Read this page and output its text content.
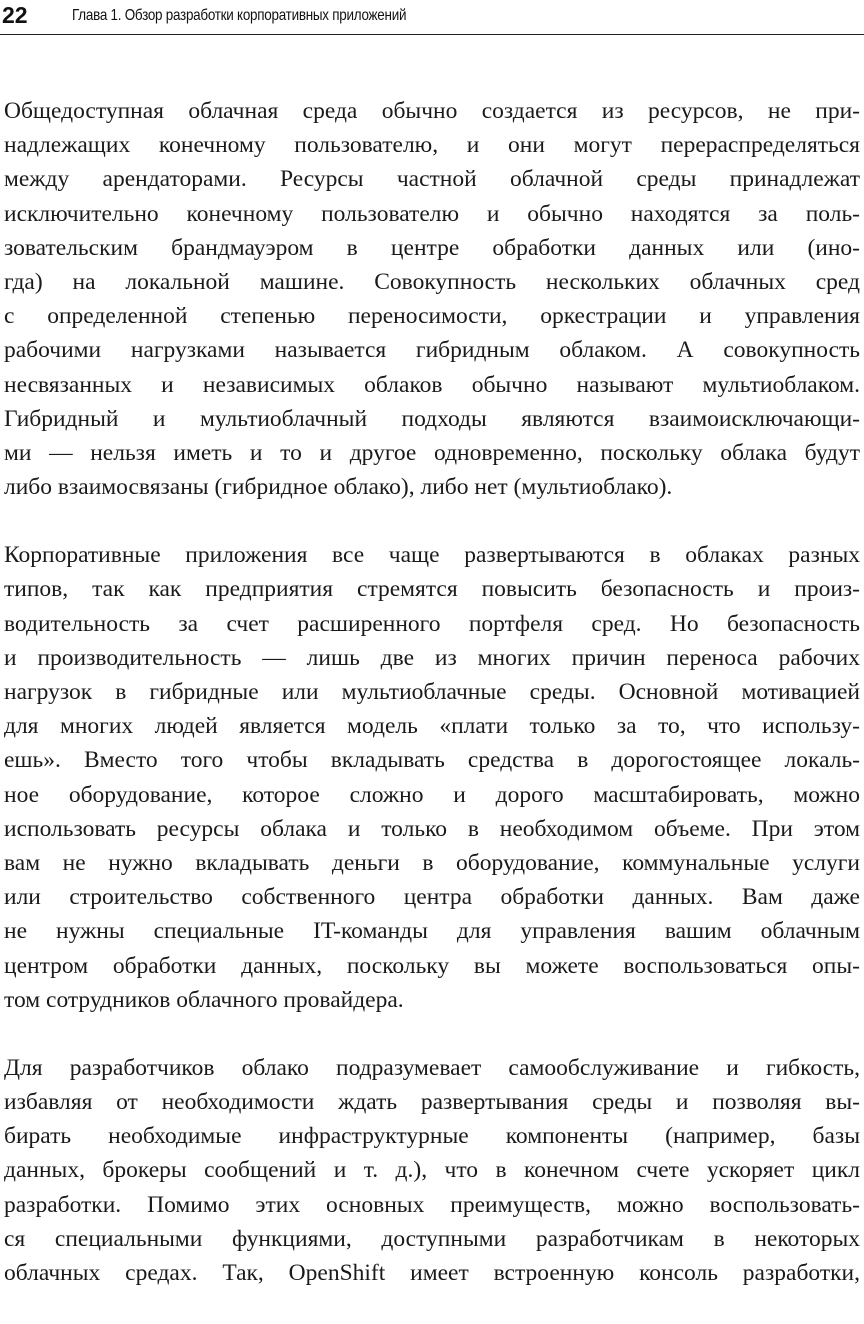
22	Глава 1. Обзор разработки корпоративных приложений

Общедоступная облачная среда обычно создается из ресурсов, не при-
надлежащих конечному пользователю, и они могут перераспределяться
между арендаторами. Ресурсы частной облачной среды принадлежат
исключительно конечному пользователю и обычно находятся за поль-
зовательским брандмауэром в центре обработки данных или (ино-
гда) на локальной машине. Совокупность нескольких облачных сред
с определенной степенью переносимости, оркестрации и управления
рабочими нагрузками называется гибридным облаком. А совокупность
несвязанных и независимых облаков обычно называют мультиоблаком.
Гибридный и мультиоблачный подходы являются взаимоисключающи-
ми — нельзя иметь и то и другое одновременно, поскольку облака будут
либо взаимосвязаны (гибридное облако), либо нет (мультиоблако).

Корпоративные приложения все чаще развертываются в облаках разных
типов, так как предприятия стремятся повысить безопасность и произ-
водительность за счет расширенного портфеля сред. Но безопасность
и производительность — лишь две из многих причин переноса рабочих
нагрузок в гибридные или мультиоблачные среды. Основной мотивацией
для многих людей является модель «плати только за то, что использу-
ешь». Вместо того чтобы вкладывать средства в дорогостоящее локаль-
ное оборудование, которое сложно и дорого масштабировать, можно
использовать ресурсы облака и только в необходимом объеме. При этом
вам не нужно вкладывать деньги в оборудование, коммунальные услуги
или строительство собственного центра обработки данных. Вам даже
не нужны специальные IT-команды для управления вашим облачным
центром обработки данных, поскольку вы можете воспользоваться опы-
том сотрудников облачного провайдера.

Для разработчиков облако подразумевает самообслуживание и гибкость,
избавляя от необходимости ждать развертывания среды и позволяя вы-
бирать необходимые инфраструктурные компоненты (например, базы
данных, брокеры сообщений и т. д.), что в конечном счете ускоряет цикл
разработки. Помимо этих основных преимуществ, можно воспользовать-
ся специальными функциями, доступными разработчикам в некоторых
облачных средах. Так, OpenShift имеет встроенную консоль разработки,
